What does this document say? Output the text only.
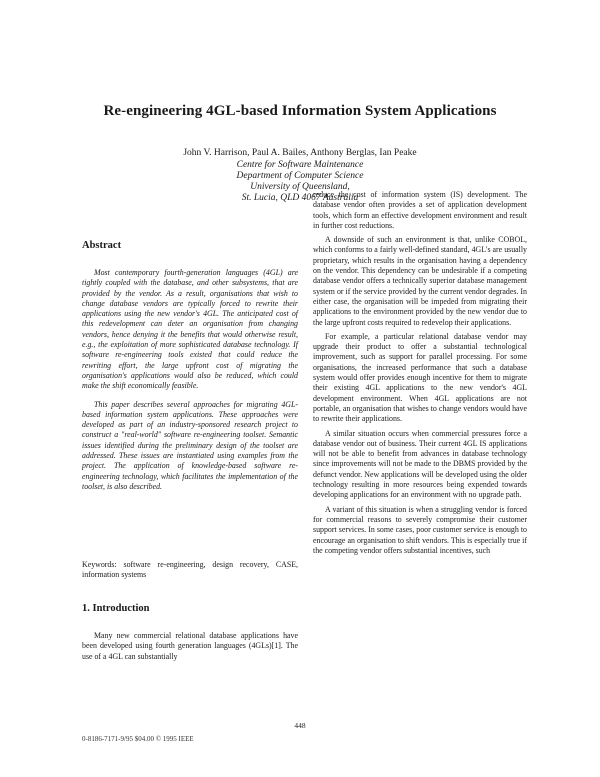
Re-engineering 4GL-based Information System Applications
John V. Harrison, Paul A. Bailes, Anthony Berglas, Ian Peake
Centre for Software Maintenance
Department of Computer Science
University of Queensland,
St. Lucia, QLD 4067 Australia
Abstract

Most contemporary fourth-generation languages (4GL) are tightly coupled with the database, and other subsystems, that are provided by the vendor. As a result, organisations that wish to change database vendors are typically forced to rewrite their applications using the new vendor's 4GL. The anticipated cost of this redevelopment can deter an organisation from changing vendors, hence denying it the benefits that would otherwise result, e.g., the exploitation of more sophisticated database technology. If software re-engineering tools existed that could reduce the rewriting effort, the large upfront cost of migrating the organisation's applications would also be reduced, which could make the shift economically feasible.

This paper describes several approaches for migrating 4GL-based information system applications. These approaches were developed as part of an industry-sponsored research project to construct a "real-world" software re-engineering toolset. Semantic issues identified during the preliminary design of the toolset are addressed. These issues are instantiated using examples from the project. The application of knowledge-based software re-engineering technology, which facilitates the implementation of the toolset, is also described.

Keywords: software re-engineering, design recovery, CASE, information systems
1. Introduction

Many new commercial relational database applications have been developed using fourth generation languages (4GLs)[1]. The use of a 4GL can substantially

reduce the cost of information system (IS) development. The database vendor often provides a set of application development tools, which form an effective development environment and result in further cost reductions.

A downside of such an environment is that, unlike COBOL, which conforms to a fairly well-defined standard, 4GL's are usually proprietary, which results in the organisation having a dependency on the vendor. This dependency can be undesirable if a competing database vendor offers a technically superior database management system or if the service provided by the current vendor degrades. In either case, the organisation will be impeded from migrating their applications to the environment provided by the new vendor due to the large upfront costs required to redevelop their applications.

For example, a particular relational database vendor may upgrade their product to offer a substantial technological improvement, such as support for parallel processing. For some organisations, the increased performance that such a database system would offer provides enough incentive for them to migrate their existing 4GL applications to the new vendor's 4GL development environment. When 4GL applications are not portable, an organisation that wishes to change vendors would have to rewrite their applications.

A similar situation occurs when commercial pressures force a database vendor out of business. Their current 4GL IS applications will not be able to benefit from advances in database technology since improvements will not be made to the DBMS provided by the defunct vendor. New applications will be developed using the older technology resulting in more resources being expended towards developing applications for an environment with no upgrade path.

A variant of this situation is when a struggling vendor is forced for commercial reasons to severely compromise their customer support services. In some cases, poor customer service is enough to encourage an organisation to shift vendors. This is especially true if the competing vendor offers substantial incentives, such

448
0-8186-7171-9/95 $04.00 © 1995 IEEE
